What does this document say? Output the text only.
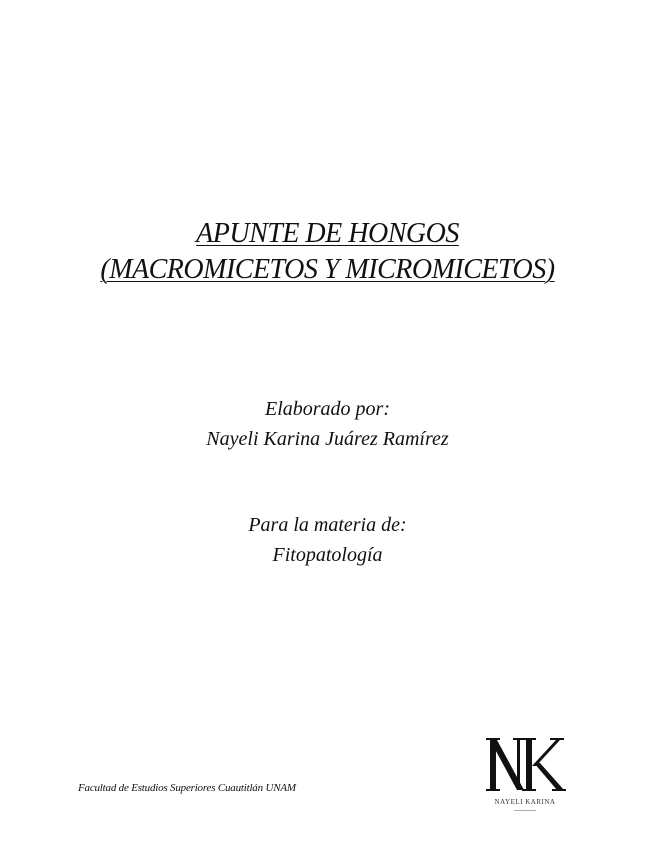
APUNTE DE HONGOS
(MACROMICETOS Y MICROMICETOS)
Elaborado por:
Nayeli Karina Juárez Ramírez
Para la materia de:
Fitopatología
Facultad de Estudios Superiores Cuautitlán UNAM
NAYELI KARINA
